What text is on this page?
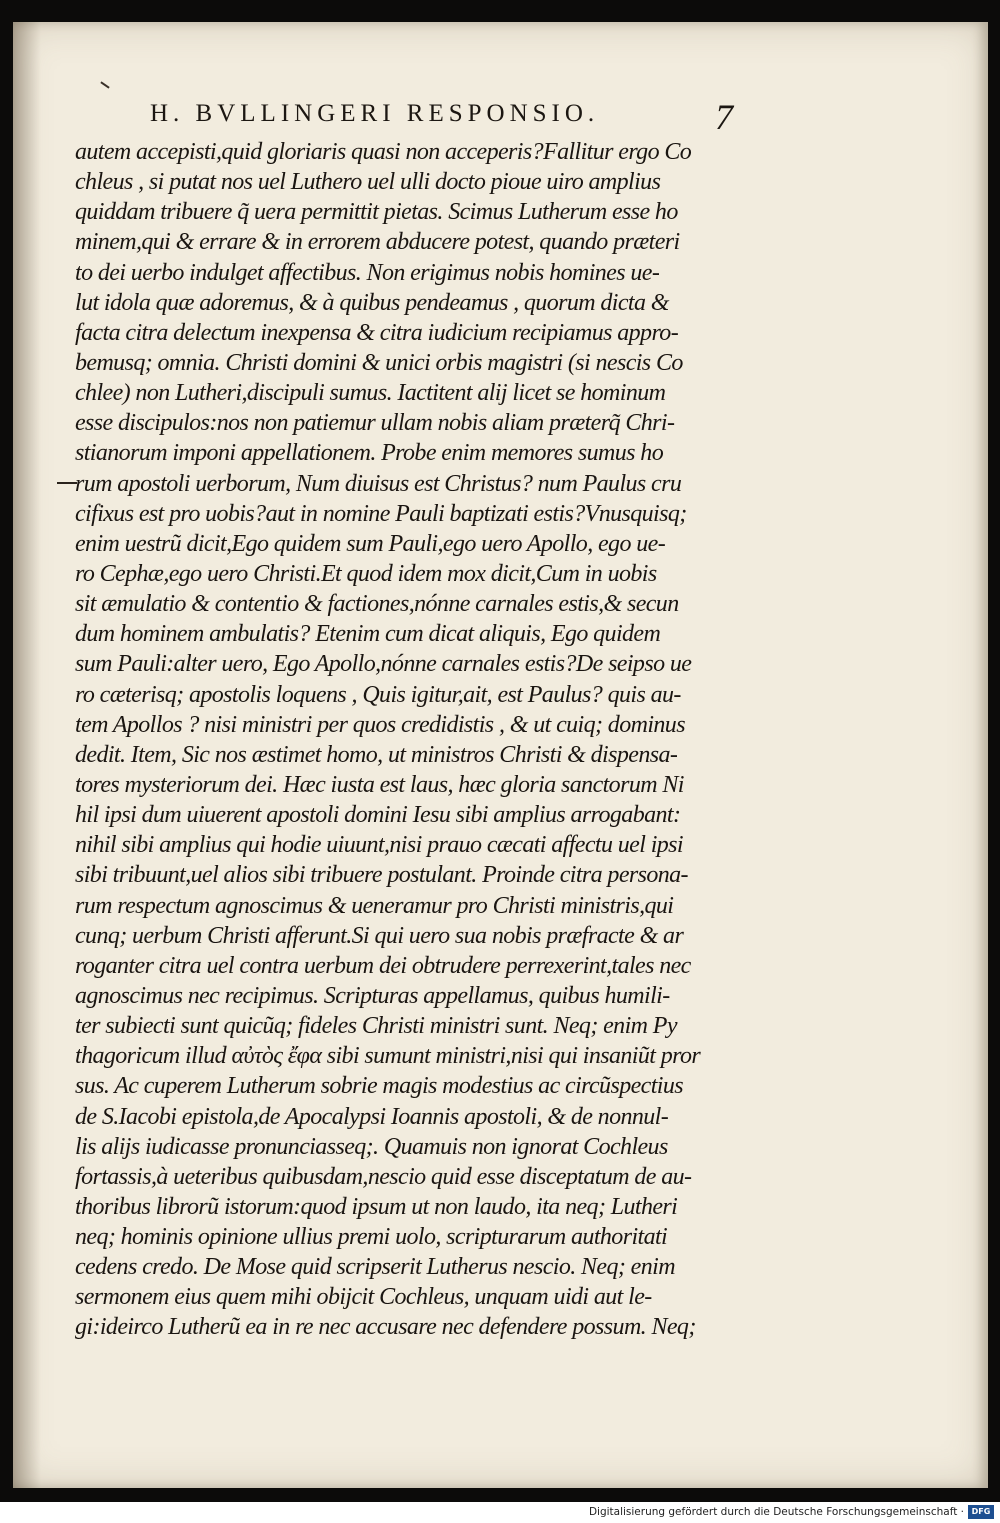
H. BVLLINGERI RESPONSIO.	7
autem accepisti,quid gloriaris quasi non acceperis?Fallitur ergo Co
chleus , si putat nos uel Luthero uel ulli docto pioue uiro amplius
quiddam tribuere q̃ uera permittit pietas. Scimus Lutherum esse ho
minem,qui & errare & in errorem abducere potest, quando præteri
to dei uerbo indulget affectibus. Non erigimus nobis homines ue-
lut idola quæ adoremus, & à quibus pendeamus , quorum dicta &
facta citra delectum inexpensa & citra iudicium recipiamus appro-
bemusq; omnia. Christi domini & unici orbis magistri (si nescis Co
chlee) non Lutheri,discipuli sumus. Iactitent alij licet se hominum
esse discipulos:nos non patiemur ullam nobis aliam præterq̃ Chri-
stianorum imponi appellationem. Probe enim memores sumus ho
rum apostoli uerborum, Num diuisus est Christus? num Paulus cru
cifixus est pro uobis?aut in nomine Pauli baptizati estis?Vnusquisq;
enim uestrũ dicit,Ego quidem sum Pauli,ego uero Apollo, ego ue-
ro Cephæ,ego uero Christi.Et quod idem mox dicit,Cum in uobis
sit æmulatio & contentio & factiones,nónne carnales estis,& secun
dum hominem ambulatis? Etenim cum dicat aliquis, Ego quidem
sum Pauli:alter uero, Ego Apollo,nónne carnales estis?De seipso ue
ro cæterisq; apostolis loquens , Quis igitur,ait, est Paulus? quis au-
tem Apollos ? nisi ministri per quos credidistis , & ut cuiq; dominus
dedit. Item, Sic nos æstimet homo, ut ministros Christi & dispensa-
tores mysteriorum dei. Hæc iusta est laus, hæc gloria sanctorum Ni
hil ipsi dum uiuerent apostoli domini Iesu sibi amplius arrogabant:
nihil sibi amplius qui hodie uiuunt,nisi prauo cæcati affectu uel ipsi
sibi tribuunt,uel alios sibi tribuere postulant. Proinde citra persona-
rum respectum agnoscimus & ueneramur pro Christi ministris,qui
cunq; uerbum Christi afferunt.Si qui uero sua nobis præfracte & ar
roganter citra uel contra uerbum dei obtrudere perrexerint,tales nec
agnoscimus nec recipimus. Scripturas appellamus, quibus humili-
ter subiecti sunt quicũq; fideles Christi ministri sunt. Neq; enim Py
thagoricum illud αὐτὸς ἔφα sibi sumunt ministri,nisi qui insaniũt pror
sus. Ac cuperem Lutherum sobrie magis modestius ac circũspectius
de S.Iacobi epistola,de Apocalypsi Ioannis apostoli, & de nonnul-
lis alijs iudicasse pronunciasseq;. Quamuis non ignorat Cochleus
fortassis,à ueteribus quibusdam,nescio quid esse disceptatum de au-
thoribus librorũ istorum:quod ipsum ut non laudo, ita neq; Lutheri
neq; hominis opinione ullius premi uolo, scripturarum authoritati
cedens credo. De Mose quid scripserit Lutherus nescio. Neq; enim
sermonem eius quem mihi obijcit Cochleus, unquam uidi aut le-
gi:ideirco Lutherũ ea in re nec accusare nec defendere possum. Neq;
Digitalisierung gefördert durch die Deutsche Forschungsgemeinschaft · DFG
